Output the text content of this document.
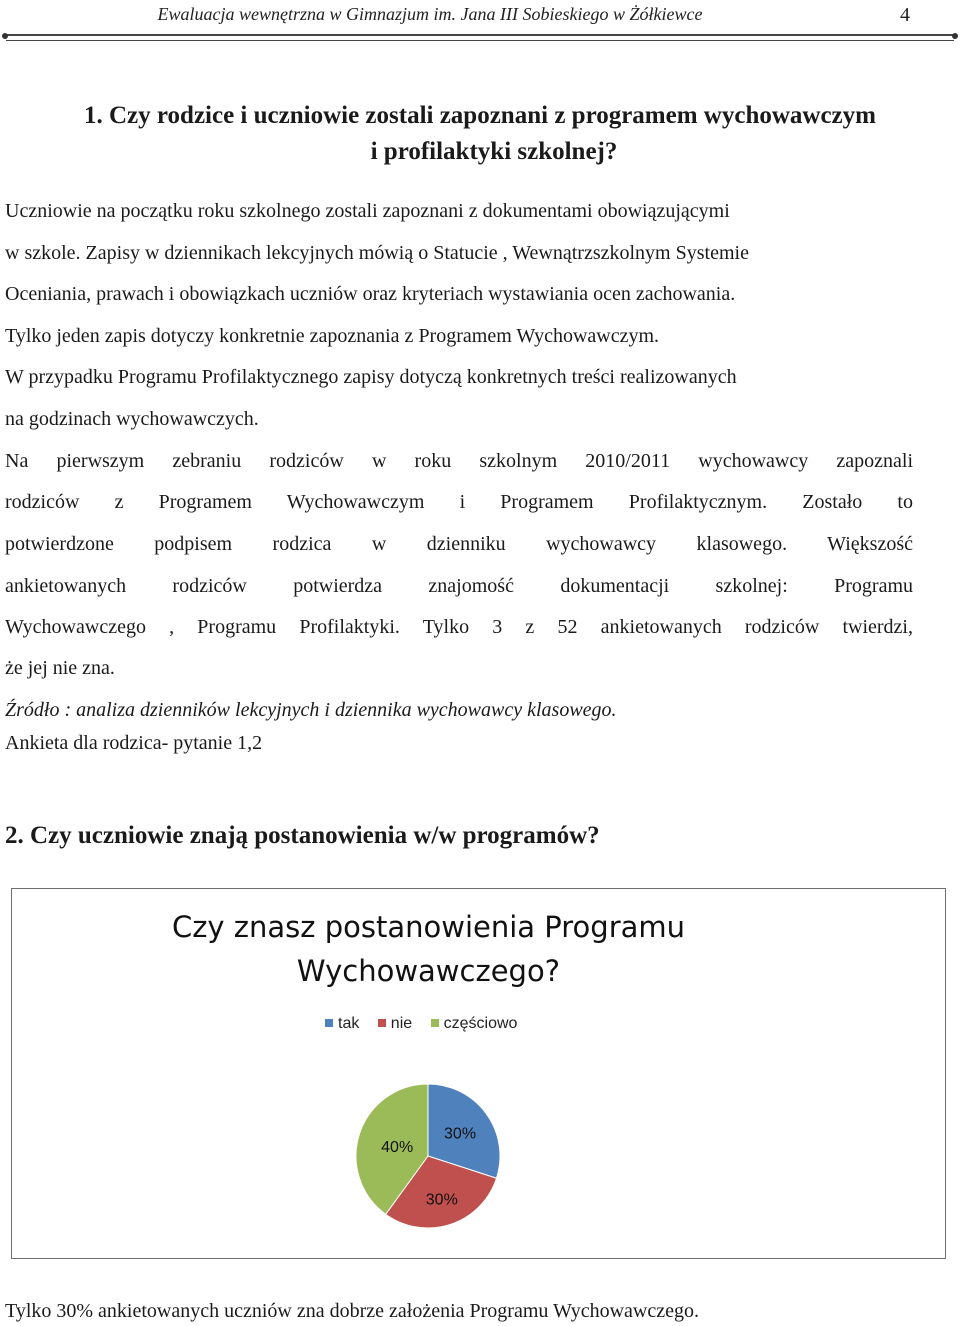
Ewaluacja wewnętrzna w Gimnazjum im. Jana III Sobieskiego w Żółkiewce	4
1. Czy rodzice i uczniowie zostali zapoznani z programem wychowawczym
i profilaktyki szkolnej?
Uczniowie na początku roku szkolnego zostali zapoznani z dokumentami obowiązującymi
w szkole. Zapisy w dziennikach lekcyjnych mówią o Statucie , Wewnątrzszkolnym Systemie
Oceniania, prawach i obowiązkach uczniów oraz kryteriach wystawiania ocen zachowania.
Tylko jeden zapis dotyczy konkretnie zapoznania z Programem Wychowawczym.
W przypadku Programu Profilaktycznego zapisy dotyczą konkretnych treści realizowanych
na godzinach wychowawczych.
Na pierwszym zebraniu rodziców w roku szkolnym 2010/2011 wychowawcy zapoznali
rodziców z Programem Wychowawczym i Programem Profilaktycznym. Zostało to
potwierdzone podpisem rodzica w dzienniku wychowawcy klasowego. Większość
ankietowanych rodziców potwierdza znajomość dokumentacji szkolnej: Programu
Wychowawczego , Programu Profilaktyki. Tylko 3 z 52 ankietowanych rodziców twierdzi,
że jej nie zna.
Źródło : analiza dzienników lekcyjnych i dziennika wychowawcy klasowego.
Ankieta dla rodzica- pytanie 1,2
2. Czy uczniowie znają postanowienia w/w programów?
Czy znasz postanowienia Programu
Wychowawczego?
tak nie częściowo
30%
30%
40%
Tylko 30% ankietowanych uczniów zna dobrze założenia Programu Wychowawczego.
